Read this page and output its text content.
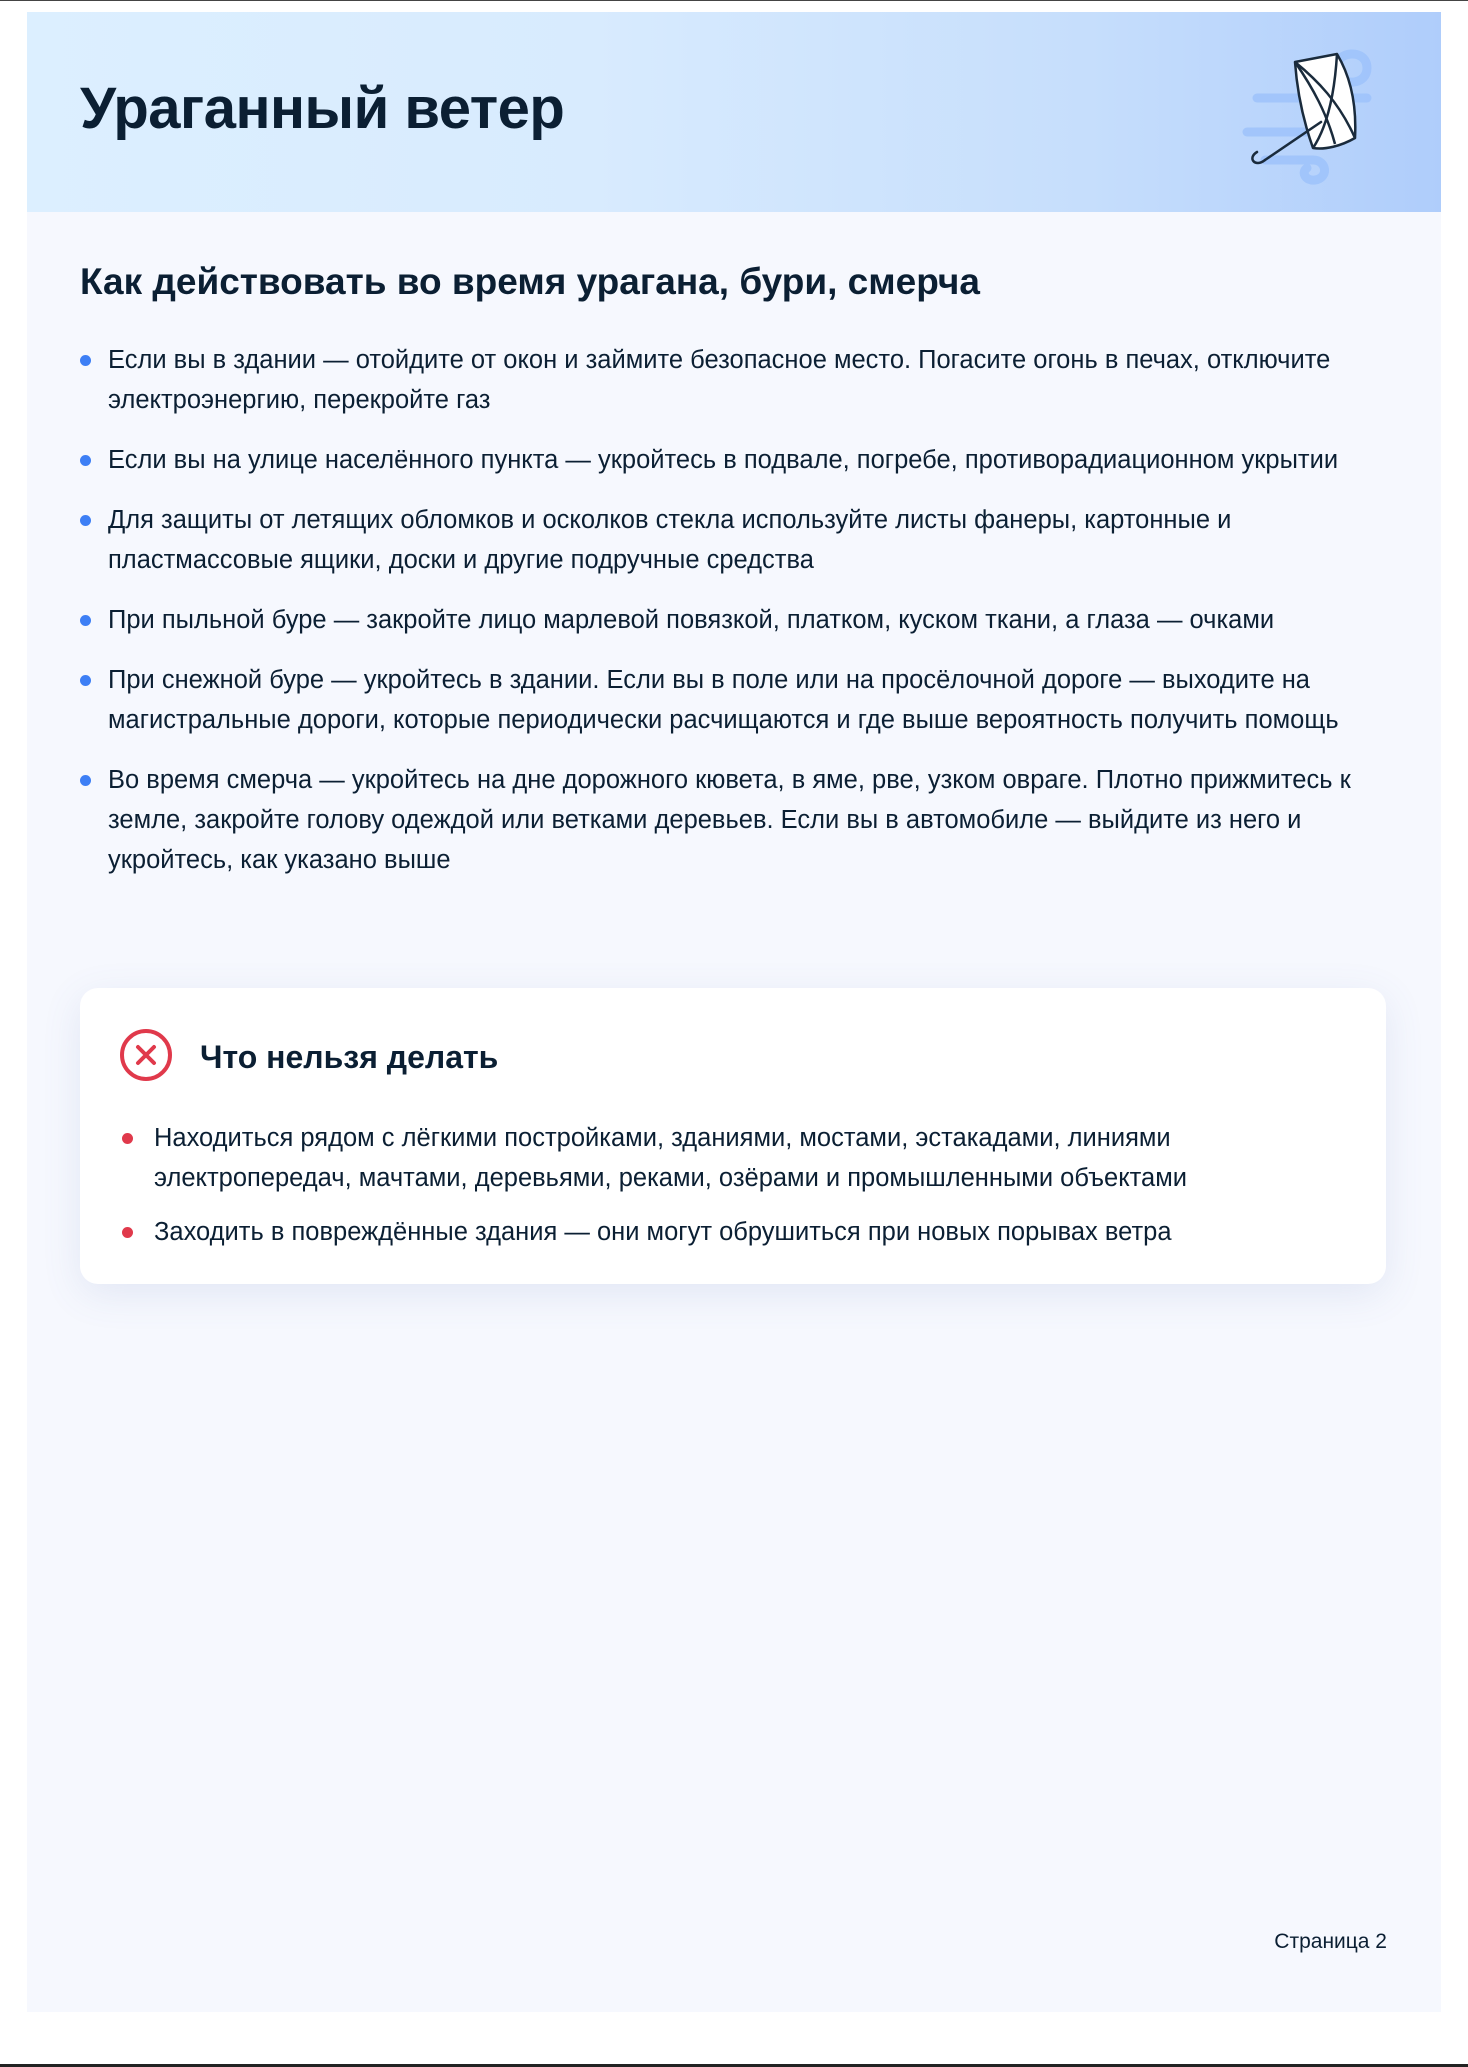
Ураганный ветер
Как действовать во время урагана, бури, смерча
Если вы в здании — отойдите от окон и займите безопасное место. Погасите огонь в печах, отключите электроэнергию, перекройте газ
Если вы на улице населённого пункта — укройтесь в подвале, погребе, противорадиационном укрытии
Для защиты от летящих обломков и осколков стекла используйте листы фанеры, картонные и пластмассовые ящики, доски и другие подручные средства
При пыльной буре — закройте лицо марлевой повязкой, платком, куском ткани, а глаза — очками
При снежной буре — укройтесь в здании. Если вы в поле или на просёлочной дороге — выходите на магистральные дороги, которые периодически расчищаются и где выше вероятность получить помощь
Во время смерча — укройтесь на дне дорожного кювета, в яме, рве, узком овраге. Плотно прижмитесь к земле, закройте голову одеждой или ветками деревьев. Если вы в автомобиле — выйдите из него и укройтесь, как указано выше
Что нельзя делать
Находиться рядом с лёгкими постройками, зданиями, мостами, эстакадами, линиями электропередач, мачтами, деревьями, реками, озёрами и промышленными объектами
Заходить в повреждённые здания — они могут обрушиться при новых порывах ветра
Страница 2
